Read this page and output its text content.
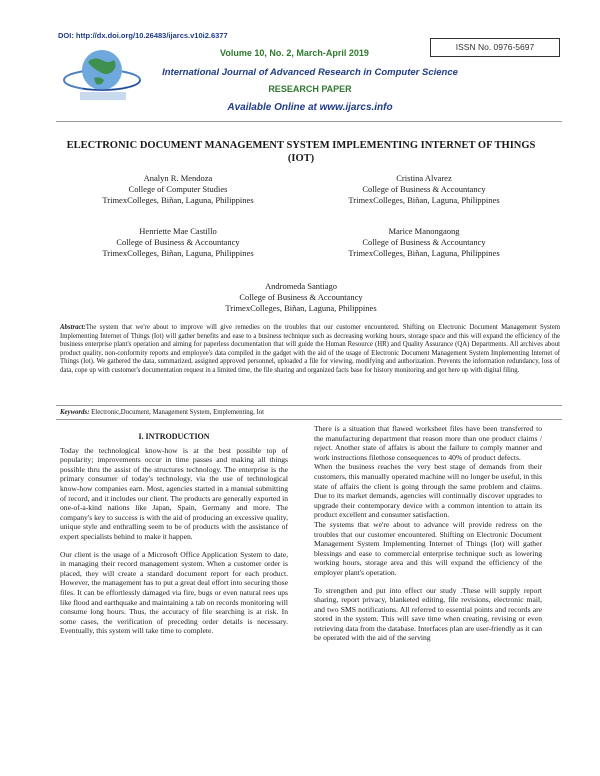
DOI: http://dx.doi.org/10.26483/ijarcs.v10i2.6377
ISSN No. 0976-5697
Volume 10, No. 2, March-April 2019
International Journal of Advanced Research in Computer Science
RESEARCH PAPER
Available Online at www.ijarcs.info
ELECTRONIC DOCUMENT MANAGEMENT SYSTEM IMPLEMENTING INTERNET OF THINGS (IOT)
Analyn R. Mendoza
College of Computer Studies
TrimexColleges, Biñan, Laguna, Philippines
Cristina Alvarez
College of Business & Accountancy
TrimexColleges, Biñan, Laguna, Philippines
Henriette Mae Castillo
College of Business & Accountancy
TrimexColleges, Biñan, Laguna, Philippines
Marice Manongaong
College of Business & Accountancy
TrimexColleges, Biñan, Laguna, Philippines
Andromeda Santiago
College of Business & Accountancy
TrimexColleges, Biñan, Laguna, Philippines
Abstract:The system that we're about to improve will give remedies on the troubles that our customer encountered. Shifting on Electronic Document Management System Implementing Internet of Things (Iot) will gather benefits and ease to a business technique such as decreasing working hours, storage space and this will expand the efficiency of the business enterprise plant's operation and aiming for paperless documentation that will guide the Human Resource (HR) and Quality Assurance (QA) Departments. All archives about product quality, non-conformity reports and employee's data compiled in the gadget with the aid of the usage of Electronic Document Management System Implementing Internet of Things (Iot). We gathered the data, summarized, assigned approved personnel, uploaded a file for viewing, modifying and authorization. Prevents the information redundancy, loss of data, cope up with customer's documentation request in a limited time, the file sharing and organized facts base for history monitoring and got here up with digital filing.
Keywords: Electronic,Document, Management System, Emplementing, Iot
I. INTRODUCTION

Today the technological know-how is at the best possible top of popularity; improvements occur in time passes and making all things possible thru the assist of the structures technology. The enterprise is the primary consumer of today's technology, via the use of technological know-how companies earn. Most, agencies started in a manual submitting of record, and it includes our client. The products are generally exported in one-of-a-kind nations like Japan, Spain, Germany and more. The company's key to success is with the aid of producing an excessive quality, unique style and enthralling seem to be of products with the assistance of expert specialists behind to make it happen.

Our client is the usage of a Microsoft Office Application System to date, in managing their record management system. When a customer order is placed, they will create a standard document report for each product. However, the management has to put a great deal effort into securing those files. It can be effortlessly damaged via fire, bugs or even natural rees ups like flood and earthquake and maintaining a tab on records monitoring will consume long hours. Thus, the accuracy of file searching is at risk. In some cases, the verification of preceding order details is necessary. Eventually, this system will take time to complete.

There is a situation that flawed worksheet files have been transferred to the manufacturing department that reason more than one product claims / reject. Another state of affairs is about the failure to comply manner and work instructions filethose consequences to 40% of product defects.

When the business reaches the very best stage of demands from their customers, this manually operated machine will no longer be useful, in this state of affairs the client is going through the same problem and claims. Due to its market demands, agencies will continually discover upgrades to upgrade their contemporary device with a common intention to attain its product excellent and consumer satisfaction.

The systems that we're about to advance will provide redress on the troubles that our customer encountered. Shifting on Electronic Document Management System Implementing Internet of Things (Iot) will gather blessings and ease to commercial enterprise technique such as lowering working hours, storage area and this will expand the efficiency of the employer plant's operation.

To strengthen and put into effect our study .These will supply report sharing, report privacy, blanketed editing, file revisions, electronic mail, and two SMS notifications. All referred to essential points and records are stored in the system. This will save time when creating, revising or even retrieving data from the database. Interfaces plan are user-friendly as it can be operated with the aid of the serving
